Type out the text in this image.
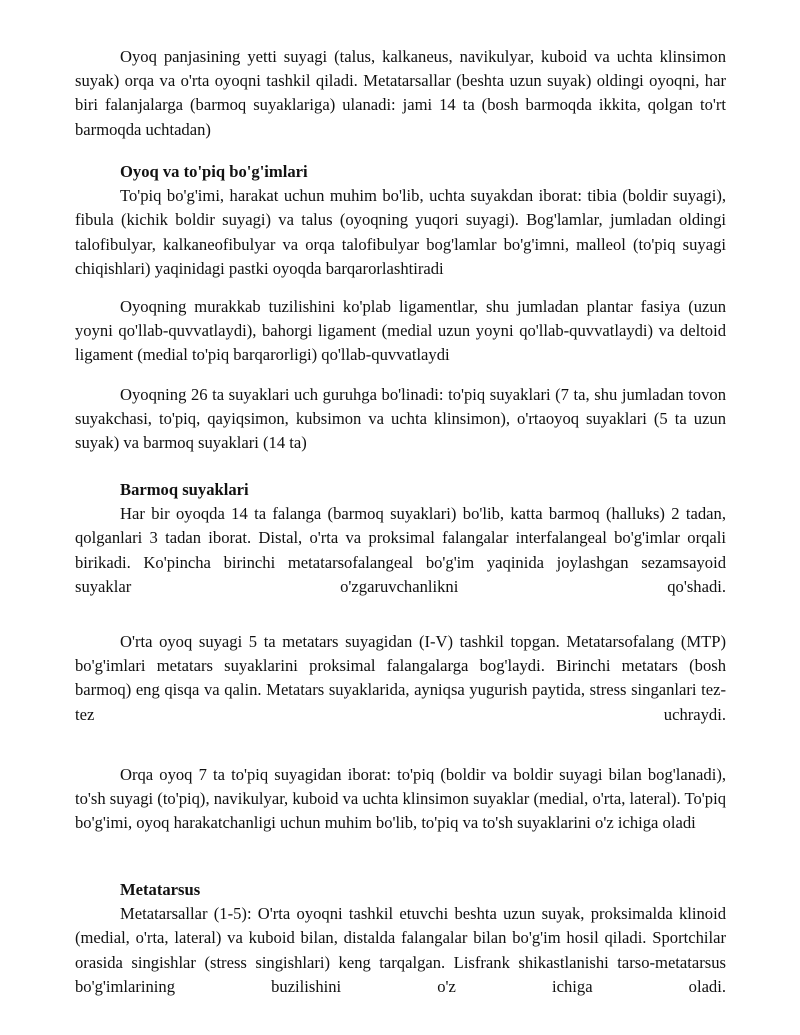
Oyoq panjasining yetti suyagi (talus, kalkaneus, navikulyar, kuboid va uchta klinsimon suyak) orqa va o'rta oyoqni tashkil qiladi. Metatarsallar (beshta uzun suyak) oldingi oyoqni, har biri falanjalarga (barmoq suyaklariga) ulanadi: jami 14 ta (bosh barmoqda ikkita, qolgan to'rt barmoqda uchtadan)

Oyoq va to'piq bo'g'imlari

To'piq bo'g'imi, harakat uchun muhim bo'lib, uchta suyakdan iborat: tibia (boldir suyagi), fibula (kichik boldir suyagi) va talus (oyoqning yuqori suyagi). Bog'lamlar, jumladan oldingi talofibulyar, kalkaneofibulyar va orqa talofibulyar bog'lamlar bo'g'imni, malleol (to'piq suyagi chiqishlari) yaqinidagi pastki oyoqda barqarorlashtiradi

Oyoqning murakkab tuzilishini ko'plab ligamentlar, shu jumladan plantar fasiya (uzun yoyni qo'llab-quvvatlaydi), bahorgi ligament (medial uzun yoyni qo'llab-quvvatlaydi) va deltoid ligament (medial to'piq barqarorligi) qo'llab-quvvatlaydi

Oyoqning 26 ta suyaklari uch guruhga bo'linadi: to'piq suyaklari (7 ta, shu jumladan tovon suyakchasi, to'piq, qayiqsimon, kubsimon va uchta klinsimon), o'rtaoyoq suyaklari (5 ta uzun suyak) va barmoq suyaklari (14 ta)

Barmoq suyaklari

Har bir oyoqda 14 ta falanga (barmoq suyaklari) bo'lib, katta barmoq (halluks) 2 tadan, qolganlari 3 tadan iborat. Distal, o'rta va proksimal falangalar interfalangeal bo'g'imlar orqali birikadi. Ko'pincha birinchi metatarsofalangeal bo'g'im yaqinida joylashgan sezamsayoid suyaklar o'zgaruvchanlikni qo'shadi.

O'rta oyoq suyagi 5 ta metatars suyagidan (I-V) tashkil topgan. Metatarsofalang (MTP) bo'g'imlari metatars suyaklarini proksimal falangalarga bog'laydi. Birinchi metatars (bosh barmoq) eng qisqa va qalin. Metatars suyaklarida, ayniqsa yugurish paytida, stress singanlari tez-tez uchraydi.

Orqa oyoq 7 ta to'piq suyagidan iborat: to'piq (boldir va boldir suyagi bilan bog'lanadi), to'sh suyagi (to'piq), navikulyar, kuboid va uchta klinsimon suyaklar (medial, o'rta, lateral). To'piq bo'g'imi, oyoq harakatchanligi uchun muhim bo'lib, to'piq va to'sh suyaklarini o'z ichiga oladi

Metatarsus

Metatarsallar (1-5): O'rta oyoqni tashkil etuvchi beshta uzun suyak, proksimalda klinoid (medial, o'rta, lateral) va kuboid bilan, distalda falangalar bilan bo'g'im hosil qiladi. Sportchilar orasida singishlar (stress singishlari) keng tarqalgan. Lisfrank shikastlanishi tarso-metatarsus bo'g'imlarining buzilishini o'z ichiga oladi.
